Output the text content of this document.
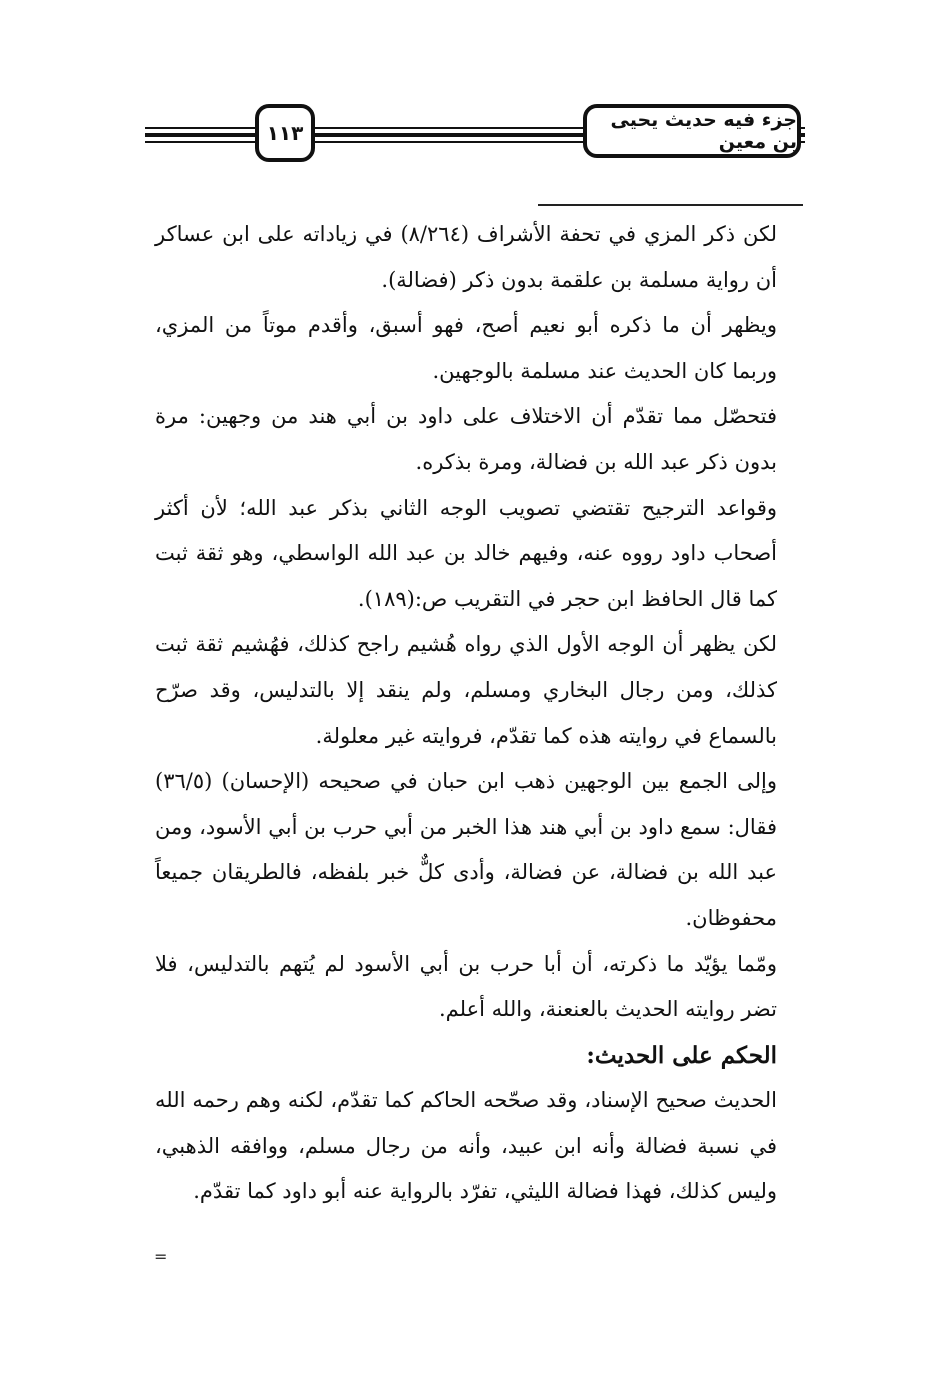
جزء فيه حديث يحيى بن معين
١١٣

لكن ذكر المزي في تحفة الأشراف (٨/٢٦٤) في زياداته على ابن عساكر أن رواية مسلمة بن علقمة بدون ذكر (فضالة).

ويظهر أن ما ذكره أبو نعيم أصح، فهو أسبق، وأقدم موتاً من المزي، وربما كان الحديث عند مسلمة بالوجهين.

فتحصّل مما تقدّم أن الاختلاف على داود بن أبي هند من وجهين: مرة بدون ذكر عبد الله بن فضالة، ومرة بذكره.

وقواعد الترجيح تقتضي تصويب الوجه الثاني بذكر عبد الله؛ لأن أكثر أصحاب داود رووه عنه، وفيهم خالد بن عبد الله الواسطي، وهو ثقة ثبت كما قال الحافظ ابن حجر في التقريب ص:(١٨٩).

لكن يظهر أن الوجه الأول الذي رواه هُشيم راجح كذلك، فهُشيم ثقة ثبت كذلك، ومن رجال البخاري ومسلم، ولم ينقد إلا بالتدليس، وقد صرّح بالسماع في روايته هذه كما تقدّم، فروايته غير معلولة.

وإلى الجمع بين الوجهين ذهب ابن حبان في صحيحه (الإحسان) (٣٦/٥) فقال: سمع داود بن أبي هند هذا الخبر من أبي حرب بن أبي الأسود، ومن عبد الله بن فضالة، عن فضالة، وأدى كلٌّ خبر بلفظه، فالطريقان جميعاً محفوظان.

ومّما يؤيّد ما ذكرته، أن أبا حرب بن أبي الأسود لم يُتهم بالتدليس، فلا تضر روايته الحديث بالعنعنة، والله أعلم.

الحكم على الحديث:

الحديث صحيح الإسناد، وقد صحّحه الحاكم كما تقدّم، لكنه وهم رحمه الله في نسبة فضالة وأنه ابن عبيد، وأنه من رجال مسلم، ووافقه الذهبي، وليس كذلك، فهذا فضالة الليثي، تفرّد بالرواية عنه أبو داود كما تقدّم.

=
